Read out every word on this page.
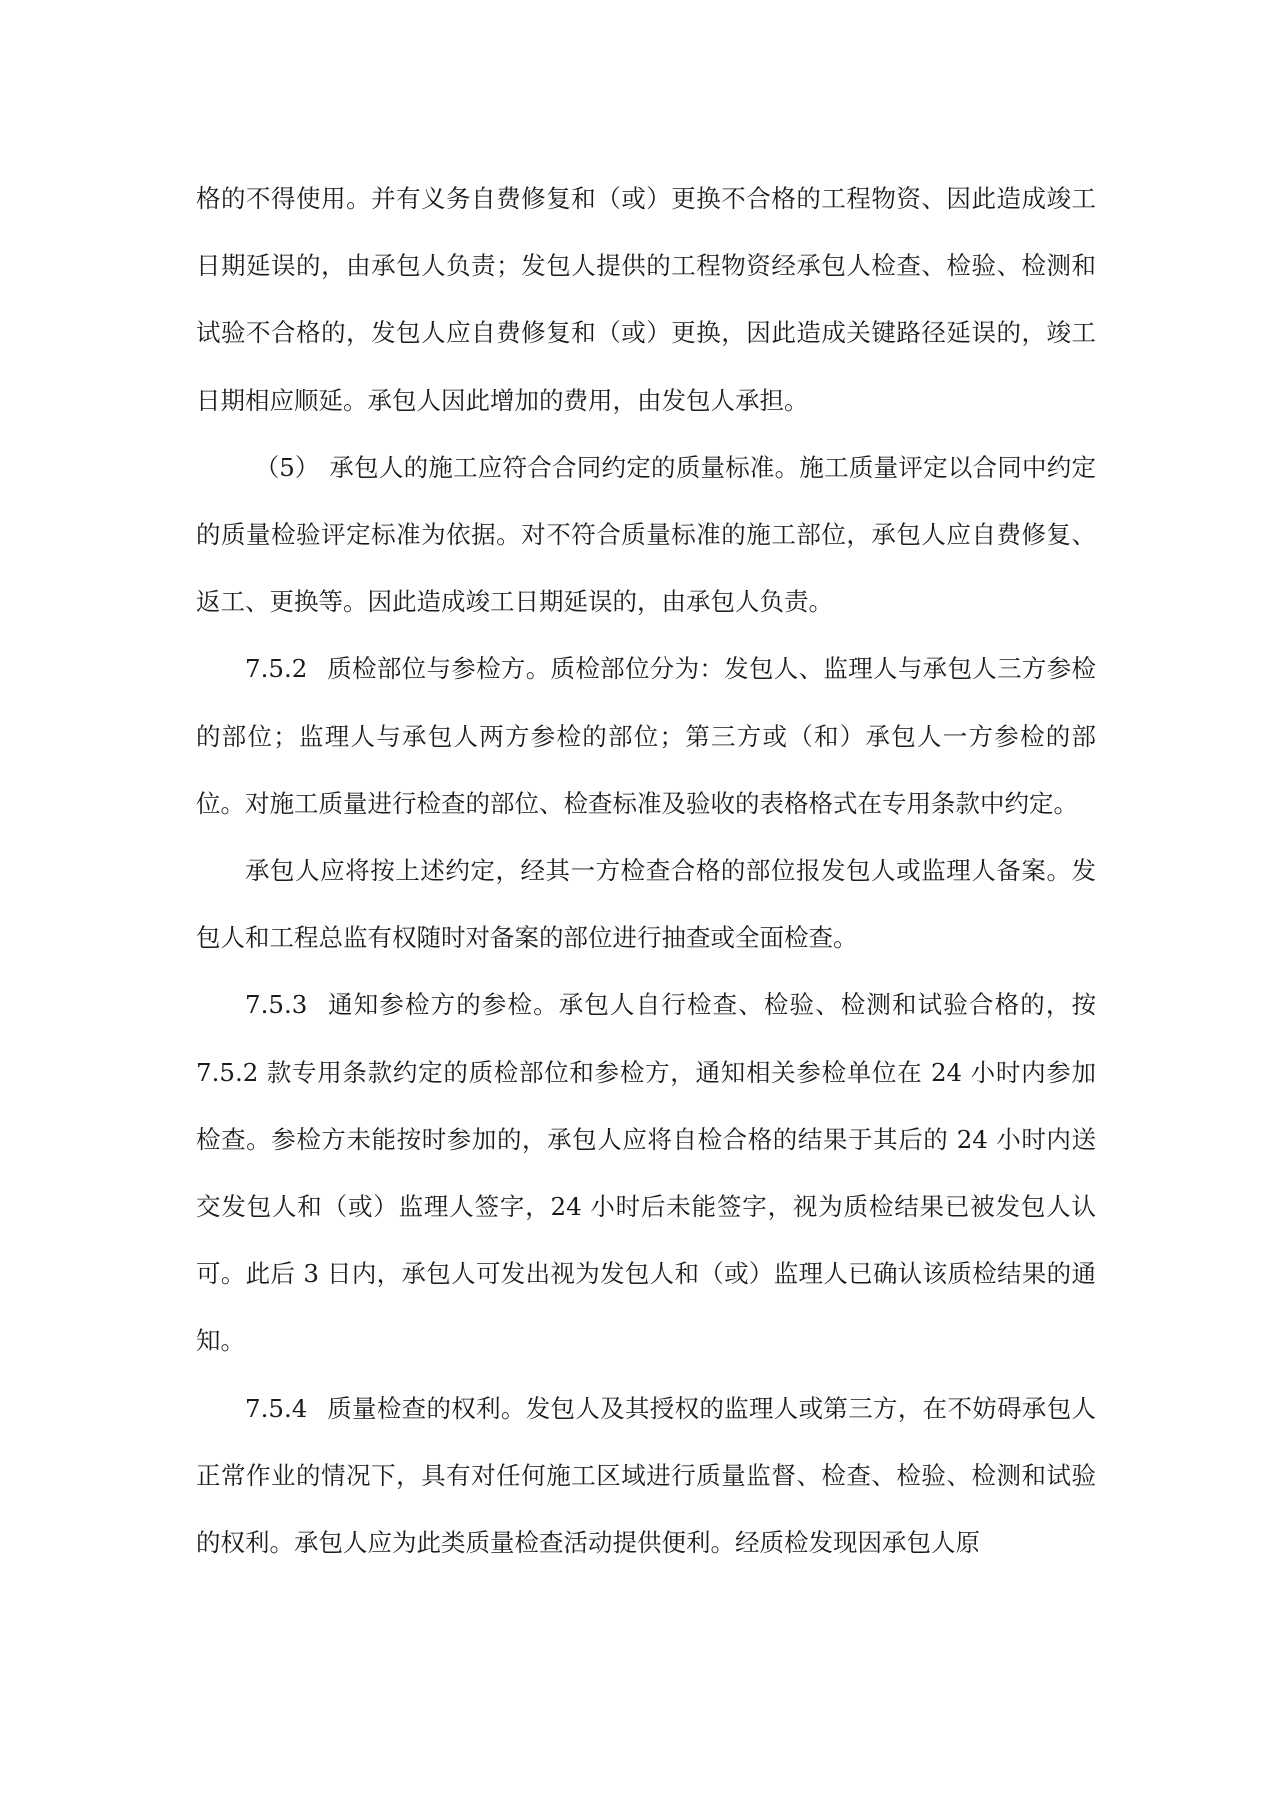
格的不得使用。并有义务自费修复和（或）更换不合格的工程物资、因此造成竣工日期延误的，由承包人负责；发包人提供的工程物资经承包人检查、检验、检测和试验不合格的，发包人应自费修复和（或）更换，因此造成关键路径延误的，竣工日期相应顺延。承包人因此增加的费用，由发包人承担。

（5） 承包人的施工应符合合同约定的质量标准。施工质量评定以合同中约定的质量检验评定标准为依据。对不符合质量标准的施工部位，承包人应自费修复、返工、更换等。因此造成竣工日期延误的，由承包人负责。

7.5.2 质检部位与参检方。质检部位分为：发包人、监理人与承包人三方参检的部位；监理人与承包人两方参检的部位；第三方或（和）承包人一方参检的部位。对施工质量进行检查的部位、检查标准及验收的表格格式在专用条款中约定。

承包人应将按上述约定，经其一方检查合格的部位报发包人或监理人备案。发包人和工程总监有权随时对备案的部位进行抽查或全面检查。

7.5.3 通知参检方的参检。承包人自行检查、检验、检测和试验合格的，按 7.5.2 款专用条款约定的质检部位和参检方，通知相关参检单位在 24 小时内参加检查。参检方未能按时参加的，承包人应将自检合格的结果于其后的 24 小时内送交发包人和（或）监理人签字，24 小时后未能签字，视为质检结果已被发包人认可。此后 3 日内，承包人可发出视为发包人和（或）监理人已确认该质检结果的通知。

7.5.4 质量检查的权利。发包人及其授权的监理人或第三方，在不妨碍承包人正常作业的情况下，具有对任何施工区域进行质量监督、检查、检验、检测和试验的权利。承包人应为此类质量检查活动提供便利。经质检发现因承包人原
